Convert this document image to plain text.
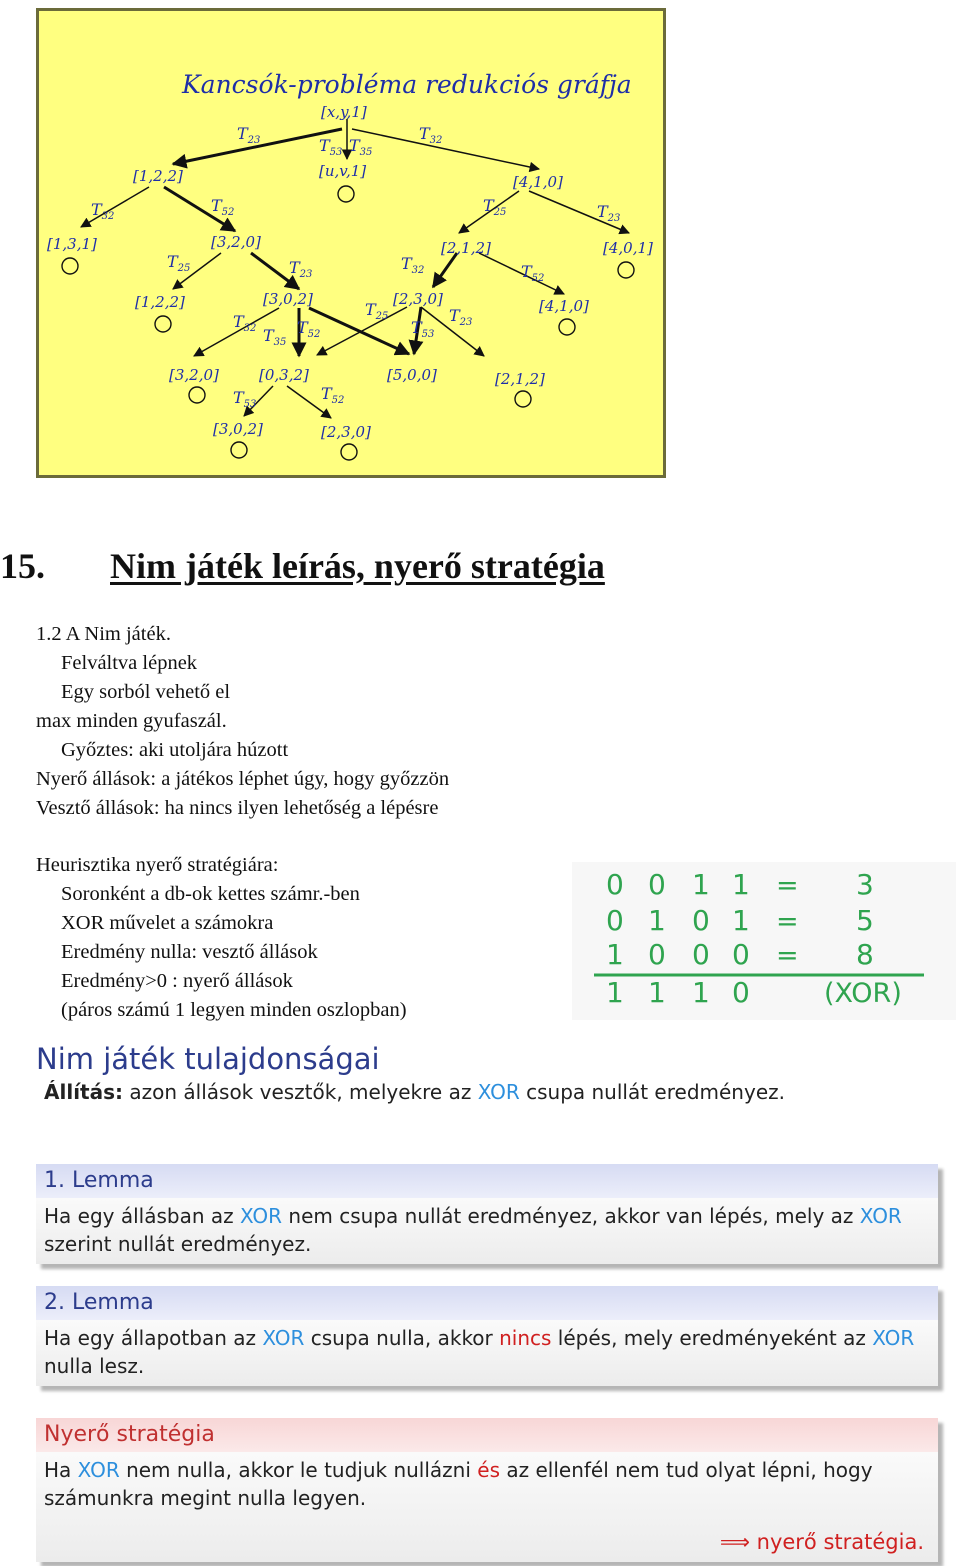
Kancsók-probléma redukciós gráfja
[x,y,1]
[1,2,2]	[4,1,0]
[u,v,1]
[1,3,1]	[3,2,0]	[2,1,2]	[4,0,1]
[1,2,2]	[3,0,2]	[2,3,0]	[4,1,0]
[3,2,0]	[0,3,2]	[5,0,0]	[2,1,2]
[3,0,2]	[2,3,0]
$T_{23}$	$T_{32}$
$T_{53}$ $T_{35}$
$T_{32}$
$T_{52}$	$T_{25}$	$T_{23}$
$T_{25}$	$T_{23}$
$T_{32}$	$T_{52}$
$T_{32}$ $T_{35}$
$T_{52}$
$T_{25}$
$T_{53}$
$T_{23}$
$T_{53}$
$T_{52}$
15. Nim játék leírás, nyerő stratégia
1.2 A Nim játék.
Felváltva lépnek
Egy sorból vehető el
max minden gyufaszál.
Győztes: aki utoljára húzott
Nyerő állások: a játékos léphet úgy, hogy győzzön
Vesztő állások: ha nincs ilyen lehetőség a lépésre
Heurisztika nyerő stratégiára:
Soronként a db-ok kettes számr.-ben
XOR művelet a számokra
Eredmény nulla: vesztő állások
Eredmény>0 : nyerő állások
(páros számú 1 legyen minden oszlopban)
0 0 1 1 = 3
0 1 0 1 = 5
1 0 0 0 = 8
1 1 1 0	(XOR)
Nim játék tulajdonságai
Állítás: azon állások vesztők, melyekre az XOR csupa nullát eredményez.
1. Lemma
Ha egy állásban az XOR nem csupa nullát eredményez, akkor van lépés, mely az XOR szerint nullát eredményez.
2. Lemma
Ha egy állapotban az XOR csupa nulla, akkor nincs lépés, mely eredményeként az XOR nulla lesz.
Nyerő stratégia
Ha XOR nem nulla, akkor le tudjuk nullázni és az ellenfél nem tud olyat lépni, hogy számunkra megint nulla legyen.
⟹ nyerő stratégia.
